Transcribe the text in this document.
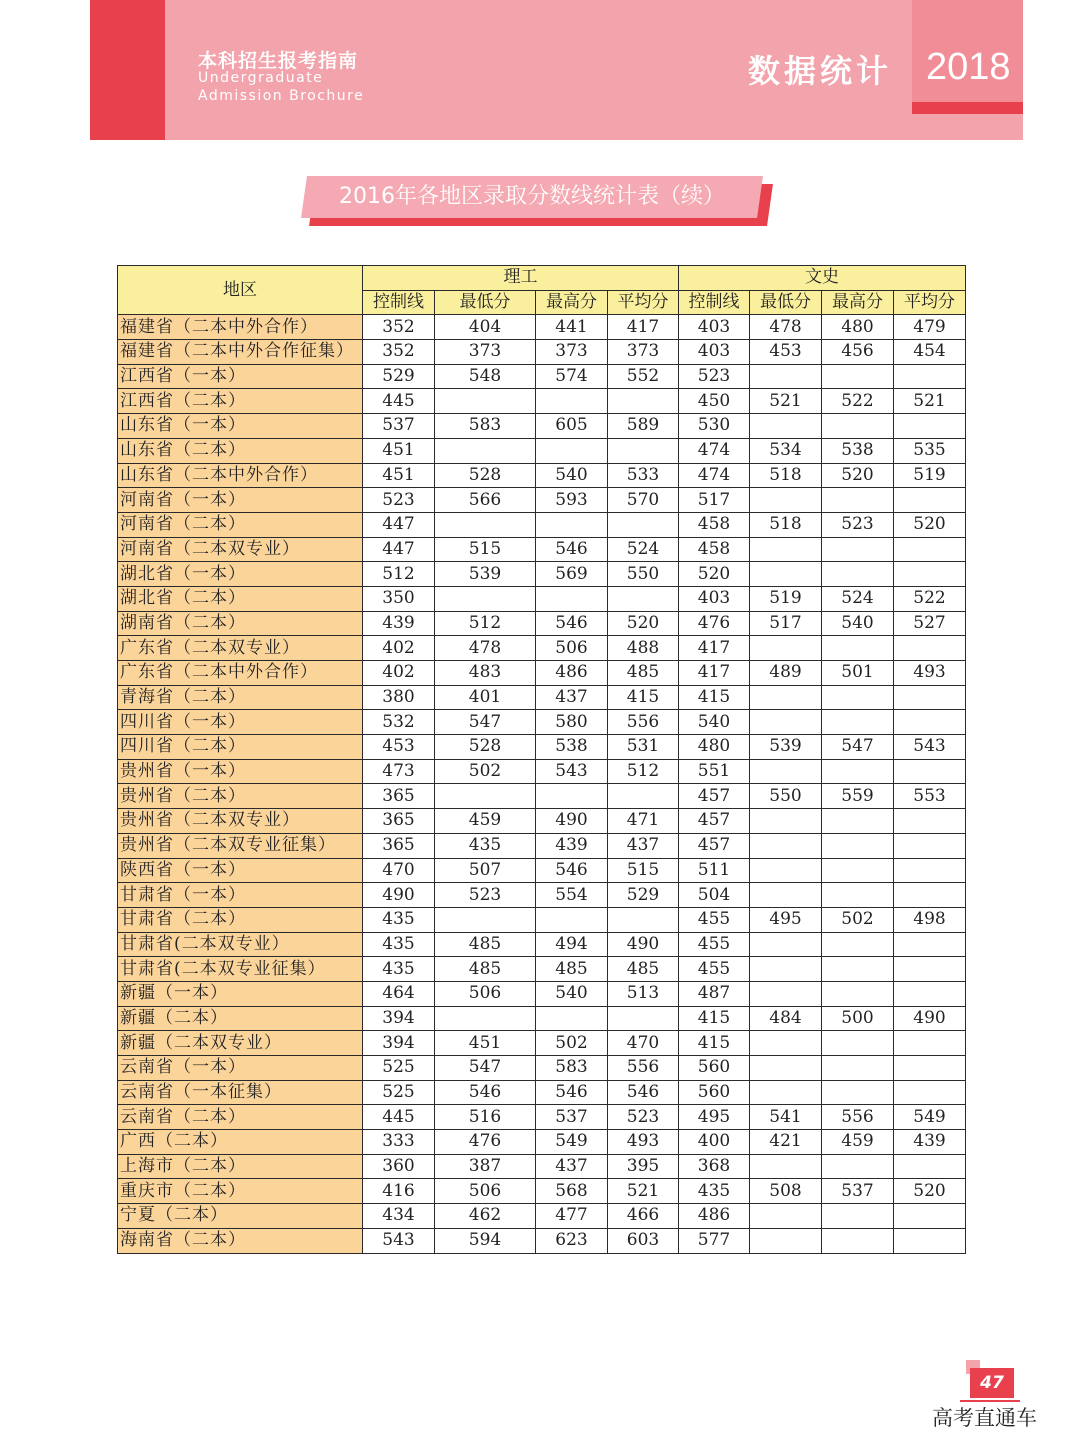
本科招生报考指南
Undergraduate
Admission Brochure
数据统计 2018
2016年各地区录取分数线统计表（续）
地区	理工				文史			
	控制线	最低分	最高分	平均分	控制线	最低分	最高分	平均分
福建省（二本中外合作）	352	404	441	417	403	478	480	479
福建省（二本中外合作征集）	352	373	373	373	403	453	456	454
江西省（一本）	529	548	574	552	523			
江西省（二本）	445				450	521	522	521
山东省（一本）	537	583	605	589	530			
山东省（二本）	451				474	534	538	535
山东省（二本中外合作）	451	528	540	533	474	518	520	519
河南省（一本）	523	566	593	570	517			
河南省（二本）	447				458	518	523	520
河南省（二本双专业）	447	515	546	524	458			
湖北省（一本）	512	539	569	550	520			
湖北省（二本）	350				403	519	524	522
湖南省（二本）	439	512	546	520	476	517	540	527
广东省（二本双专业）	402	478	506	488	417			
广东省（二本中外合作）	402	483	486	485	417	489	501	493
青海省（二本）	380	401	437	415	415			
四川省（一本）	532	547	580	556	540			
四川省（二本）	453	528	538	531	480	539	547	543
贵州省（一本）	473	502	543	512	551			
贵州省（二本）	365				457	550	559	553
贵州省（二本双专业）	365	459	490	471	457			
贵州省（二本双专业征集）	365	435	439	437	457			
陕西省（一本）	470	507	546	515	511			
甘肃省（一本）	490	523	554	529	504			
甘肃省（二本）	435				455	495	502	498
甘肃省(二本双专业）	435	485	494	490	455			
甘肃省(二本双专业征集）	435	485	485	485	455			
新疆（一本）	464	506	540	513	487			
新疆（二本）	394				415	484	500	490
新疆（二本双专业）	394	451	502	470	415			
云南省（一本）	525	547	583	556	560			
云南省（一本征集）	525	546	546	546	560			
云南省（二本）	445	516	537	523	495	541	556	549
广西（二本）	333	476	549	493	400	421	459	439
上海市（二本）	360	387	437	395	368			
重庆市（二本）	416	506	568	521	435	508	537	520
宁夏（二本）	434	462	477	466	486			
海南省（二本）	543	594	623	603	577			
47
高考直通车
